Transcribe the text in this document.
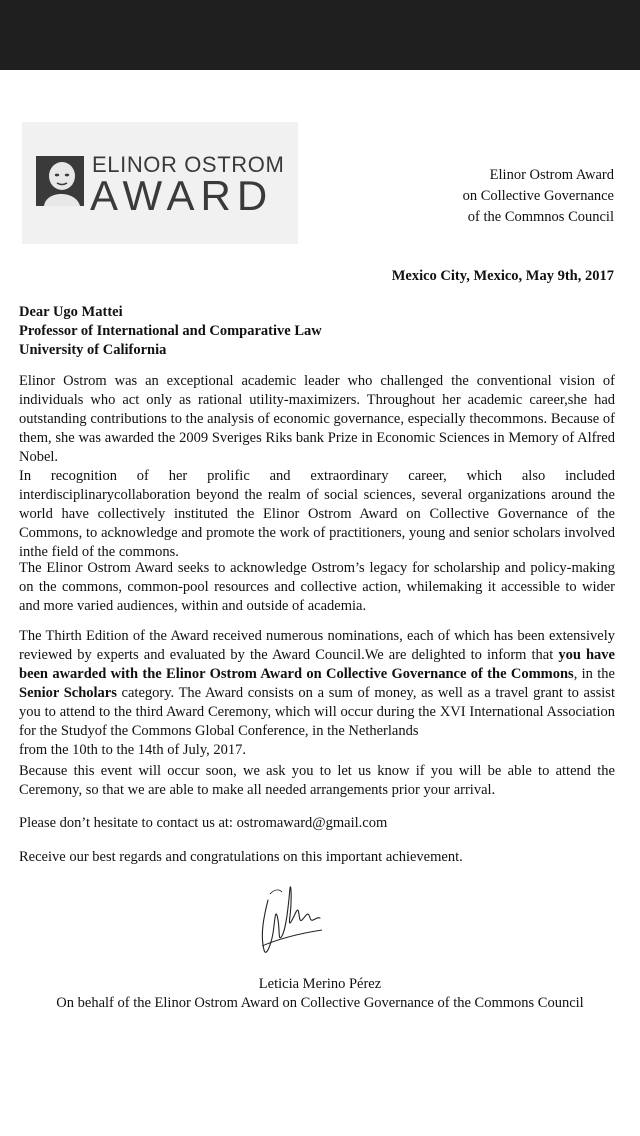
ELINOR OSTROM
AWARD	Elinor Ostrom Award
on Collective Governance
of the Commnos Council
Mexico City, Mexico, May 9th, 2017
Dear Ugo Mattei
Professor of International and Comparative Law
University of California
Elinor Ostrom was an exceptional academic leader who challenged the conventional vision of individuals who act only as rational utility-maximizers. Throughout her academic career,she had outstanding contributions to the analysis of economic governance, especially thecommons. Because of them, she was awarded the 2009 Sveriges Riks bank Prize in Economic Sciences in Memory of Alfred Nobel.
In recognition of her prolific and extraordinary career, which also included interdisciplinarycollaboration beyond the realm of social sciences, several organizations around the world have collectively instituted the Elinor Ostrom Award on Collective Governance of the Commons, to acknowledge and promote the work of practitioners, young and senior scholars involved inthe field of the commons.
The Elinor Ostrom Award seeks to acknowledge Ostrom’s legacy for scholarship and policy-making on the commons, common-pool resources and collective action, whilemaking it accessible to wider and more varied audiences, within and outside of academia.
The Thirth Edition of the Award received numerous nominations, each of which has been extensively reviewed by experts and evaluated by the Award Council.We are delighted to inform that you have been awarded with the Elinor Ostrom Award on Collective Governance of the Commons, in the Senior Scholars category. The Award consists on a sum of money, as well as a travel grant to assist you to attend to the third Award Ceremony, which will occur during the XVI International Association for the Studyof the Commons Global Conference, in the Netherlands
from the 10th to the 14th of July, 2017.
Because this event will occur soon, we ask you to let us know if you will be able to attend the Ceremony, so that we are able to make all needed arrangements prior your arrival.
Please don’t hesitate to contact us at: ostromaward@gmail.com
Receive our best regards and congratulations on this important achievement.
Leticia Merino Pérez
On behalf of the Elinor Ostrom Award on Collective Governance of the Commons Council
